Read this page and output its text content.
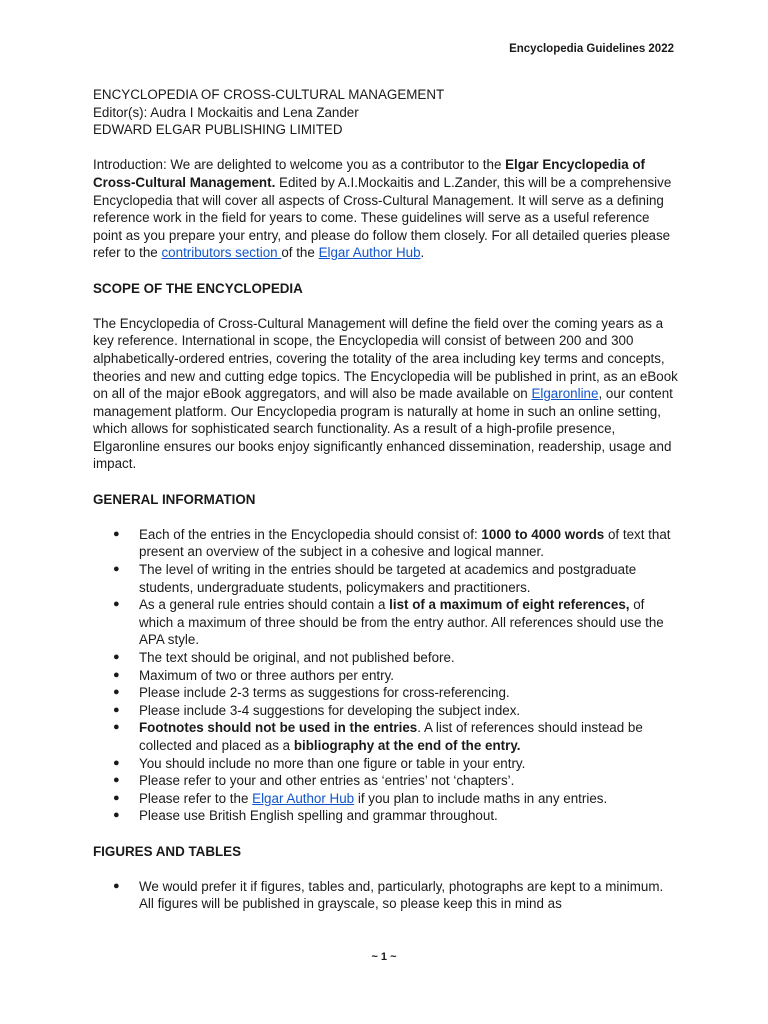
Encyclopedia Guidelines 2022

ENCYCLOPEDIA OF CROSS-CULTURAL MANAGEMENT

Editor(s): Audra I Mockaitis and Lena Zander

EDWARD ELGAR PUBLISHING LIMITED

Introduction: We are delighted to welcome you as a contributor to the Elgar Encyclopedia of Cross-Cultural Management. Edited by A.I.Mockaitis and L.Zander, this will be a comprehensive Encyclopedia that will cover all aspects of Cross-Cultural Management. It will serve as a defining reference work in the field for years to come. These guidelines will serve as a useful reference point as you prepare your entry, and please do follow them closely. For all detailed queries please refer to the contributors section of the Elgar Author Hub.

SCOPE OF THE ENCYCLOPEDIA

The Encyclopedia of Cross-Cultural Management will define the field over the coming years as a key reference. International in scope, the Encyclopedia will consist of between 200 and 300 alphabetically-ordered entries, covering the totality of the area including key terms and concepts, theories and new and cutting edge topics. The Encyclopedia will be published in print, as an eBook on all of the major eBook aggregators, and will also be made available on Elgaronline, our content management platform. Our Encyclopedia program is naturally at home in such an online setting, which allows for sophisticated search functionality. As a result of a high-profile presence, Elgaronline ensures our books enjoy significantly enhanced dissemination, readership, usage and impact.

GENERAL INFORMATION

● Each of the entries in the Encyclopedia should consist of: 1000 to 4000 words of text that present an overview of the subject in a cohesive and logical manner.
● The level of writing in the entries should be targeted at academics and postgraduate students, undergraduate students, policymakers and practitioners.
● As a general rule entries should contain a list of a maximum of eight references, of which a maximum of three should be from the entry author. All references should use the APA style.
● The text should be original, and not published before.
● Maximum of two or three authors per entry.
● Please include 2-3 terms as suggestions for cross-referencing.
● Please include 3-4 suggestions for developing the subject index.
● Footnotes should not be used in the entries. A list of references should instead be collected and placed as a bibliography at the end of the entry.
● You should include no more than one figure or table in your entry.
● Please refer to your and other entries as ‘entries’ not ‘chapters’.
● Please refer to the Elgar Author Hub if you plan to include maths in any entries.
● Please use British English spelling and grammar throughout.

FIGURES AND TABLES

● We would prefer it if figures, tables and, particularly, photographs are kept to a minimum. All figures will be published in grayscale, so please keep this in mind as
~ 1 ~
